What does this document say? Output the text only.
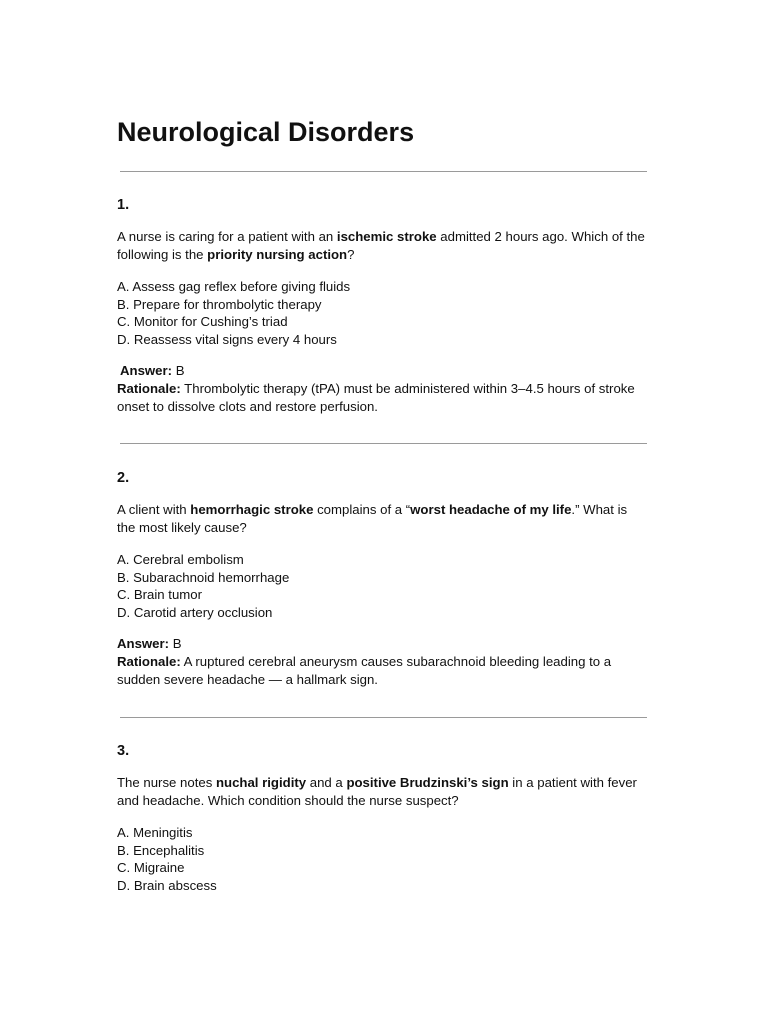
Neurological Disorders

1.

A nurse is caring for a patient with an ischemic stroke admitted 2 hours ago. Which of the following is the priority nursing action?

A. Assess gag reflex before giving fluids
B. Prepare for thrombolytic therapy
C. Monitor for Cushing’s triad
D. Reassess vital signs every 4 hours
Answer: B
Rationale: Thrombolytic therapy (tPA) must be administered within 3–4.5 hours of stroke onset to dissolve clots and restore perfusion.

2.

A client with hemorrhagic stroke complains of a “worst headache of my life.” What is the most likely cause?

A. Cerebral embolism
B. Subarachnoid hemorrhage
C. Brain tumor
D. Carotid artery occlusion
Answer: B
Rationale: A ruptured cerebral aneurysm causes subarachnoid bleeding leading to a sudden severe headache — a hallmark sign.

3.

The nurse notes nuchal rigidity and a positive Brudzinski’s sign in a patient with fever and headache. Which condition should the nurse suspect?

A. Meningitis
B. Encephalitis
C. Migraine
D. Brain abscess
